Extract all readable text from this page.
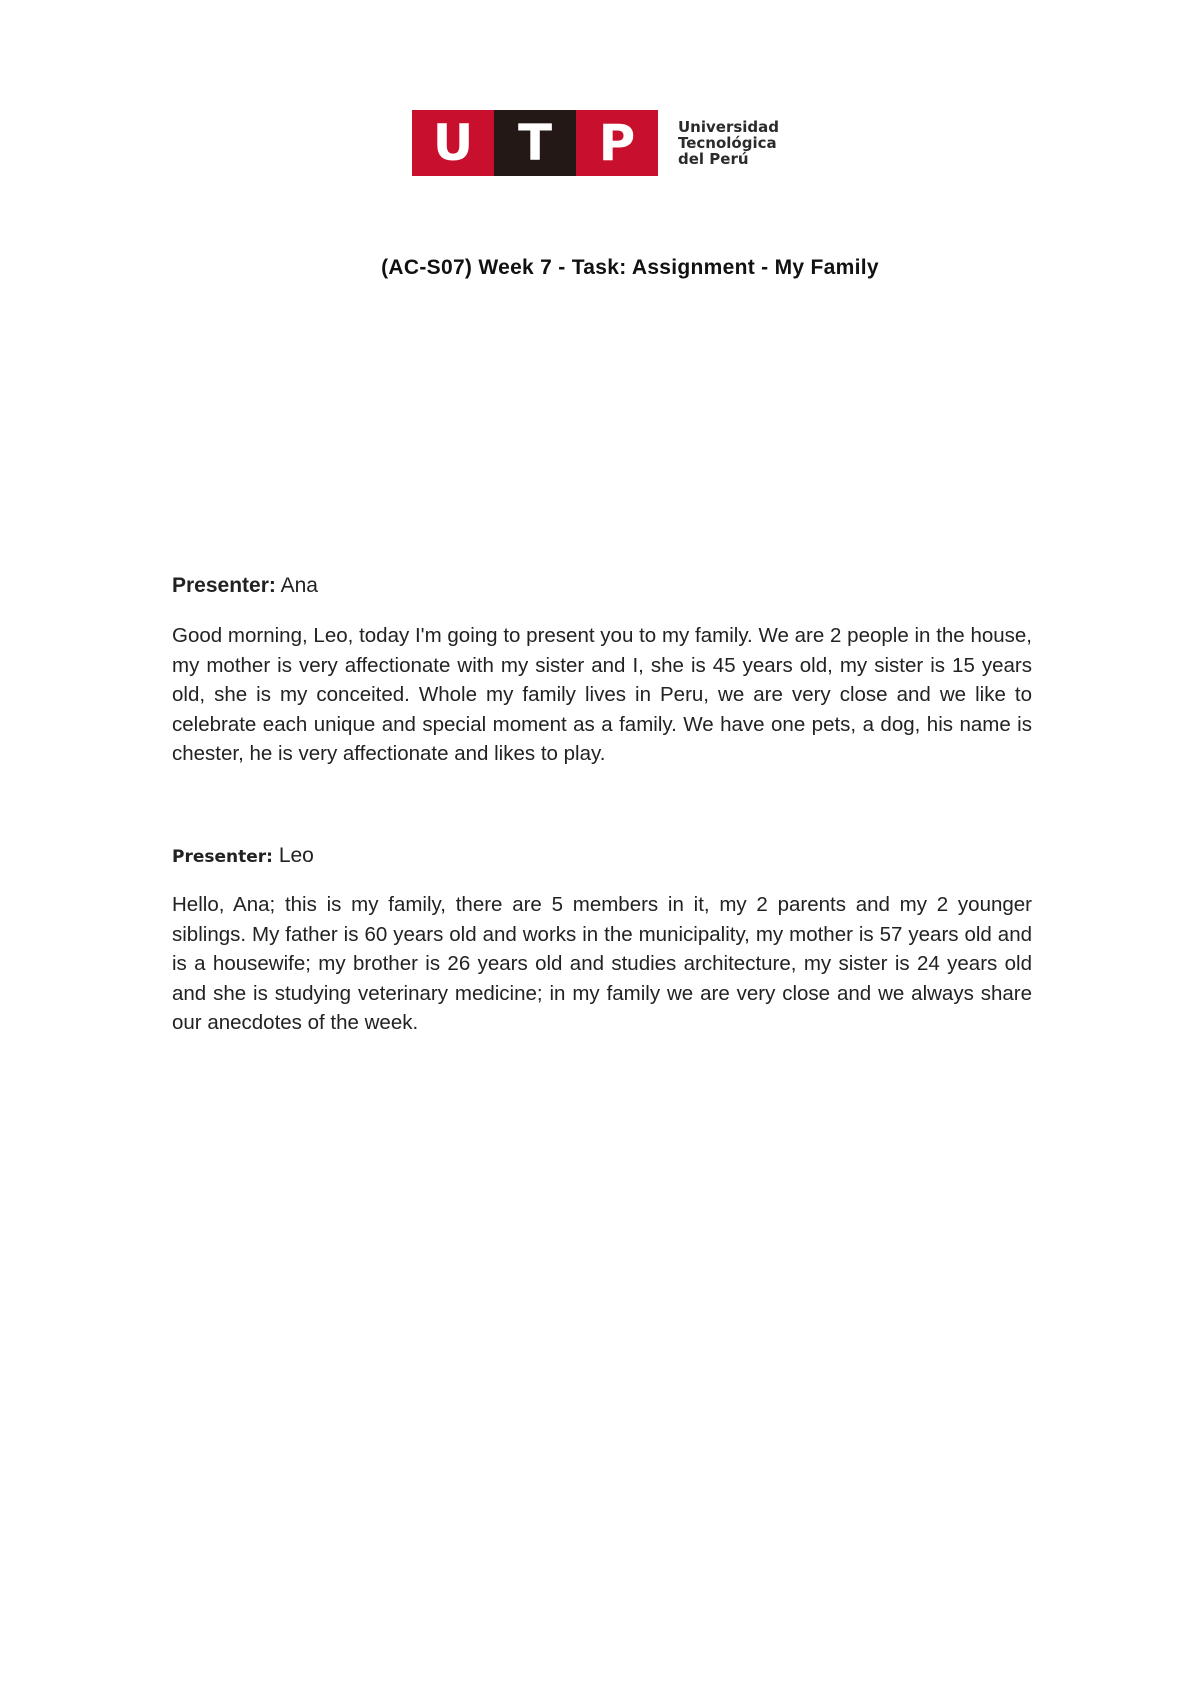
U T P	Universidad
Tecnológica
del Perú
(AC-S07) Week 7 - Task: Assignment - My Family
Presenter: Ana

Good morning, Leo, today I'm going to present you to my family. We are 2 people in the house, my mother is very affectionate with my sister and I, she is 45 years old, my sister is 15 years old, she is my conceited. Whole my family lives in Peru, we are very close and we like to celebrate each unique and special moment as a family. We have one pets, a dog, his name is chester, he is very affectionate and likes to play.

Presenter: Leo

Hello, Ana; this is my family, there are 5 members in it, my 2 parents and my 2 younger siblings. My father is 60 years old and works in the municipality, my mother is 57 years old and is a housewife; my brother is 26 years old and studies architecture, my sister is 24 years old and she is studying veterinary medicine; in my family we are very close and we always share our anecdotes of the week.
